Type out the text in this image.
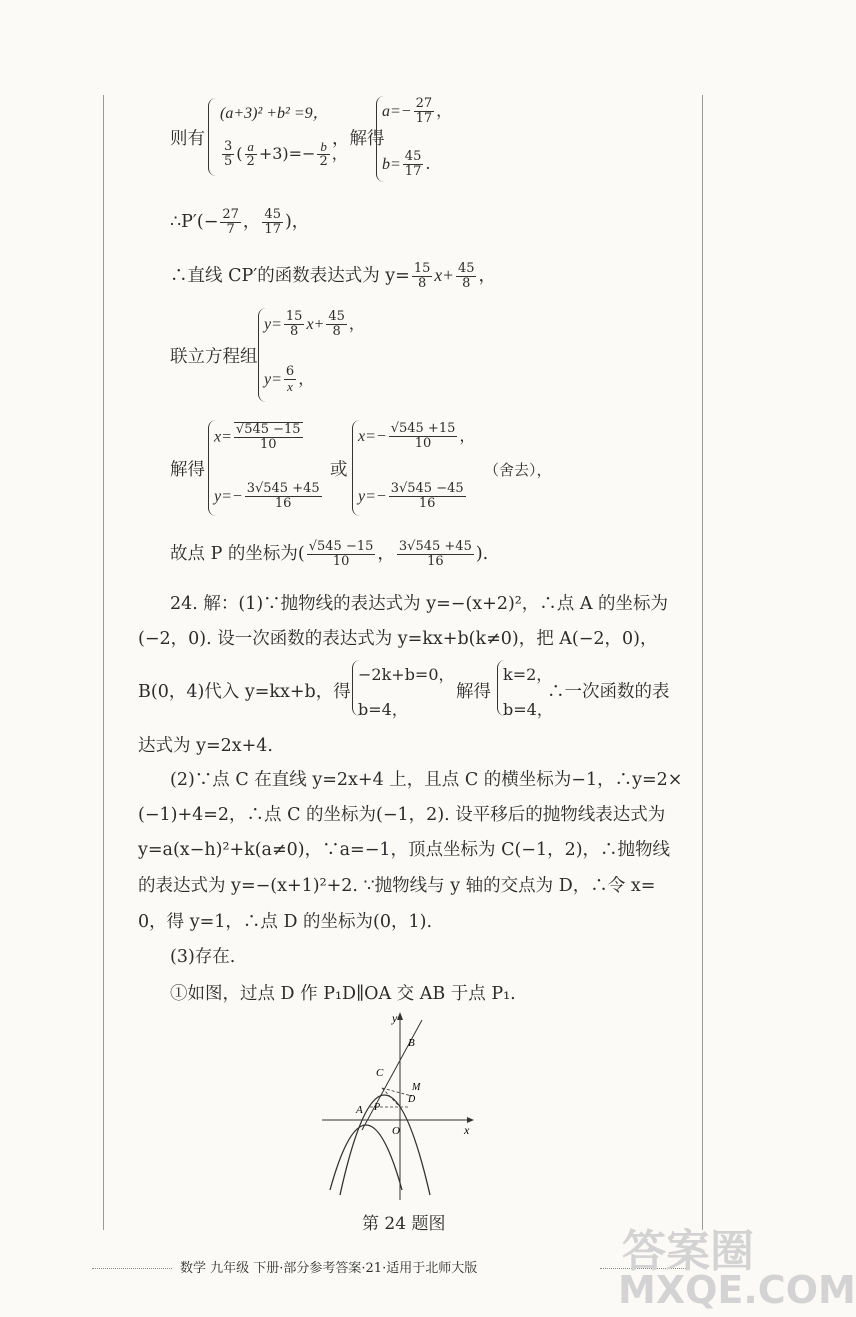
则有
(a+3)² +b² =9，
$\frac{3}{5}$ ( $\frac{a}{2} +3)=- \frac{b}{2}$ ，
，解得
$a=- \frac{27}{17}$ ，
$b= \frac{45}{17}$ .
∴P′(− $\frac{27}{7}$ ， $\frac{45}{17}$ )，
∴直线 CP′的函数表达式为 $y= \frac{15}{8} x+ \frac{45}{8}$ ，
联立方程组
$y= \frac{15}{8} x+ \frac{45}{8}$ ，
$y= \frac{6}{x}$ ，
解得
$x= \frac{√545 -15}{10}$
$y=- \frac{3√545 +45}{16}$
或
$x=- \frac{√545 +15}{10}$ ，
$y=- \frac{3√545 -45}{16}$
（舍去），
故点 P 的坐标为( $\frac{√545 -15}{10}$ ， $\frac{3√545 +45}{16}$ ).
24. 解：(1)∵抛物线的表达式为 y=−(x+2)²，∴点 A 的坐标为
(−2，0). 设一次函数的表达式为 y=kx+b(k≠0)，把 A(−2，0)，
B(0，4)代入 y=kx+b，得
−2k+b=0，
b=4，
解得
k=2，
b=4，
∴一次函数的表
达式为 y=2x+4.
(2)∵点 C 在直线 y=2x+4 上，且点 C 的横坐标为−1，∴y=2×
(−1)+4=2，∴点 C 的坐标为(−1，2). 设平移后的抛物线表达式为
y=a(x−h)²+k(a≠0)，∵a=−1，顶点坐标为 C(−1，2)，∴抛物线
的表达式为 y=−(x+1)²+2. ∵抛物线与 y 轴的交点为 D，∴令 x=
0，得 y=1，∴点 D 的坐标为(0，1).
(3)存在.
①如图，过点 D 作 P₁D∥OA 交 AB 于点 P₁.
y
x
B
C
M
D
A P
O
第 24 题图
数学 九年级 下册·部分参考答案·21·适用于北师大版	答案圈
MXQE.COM
